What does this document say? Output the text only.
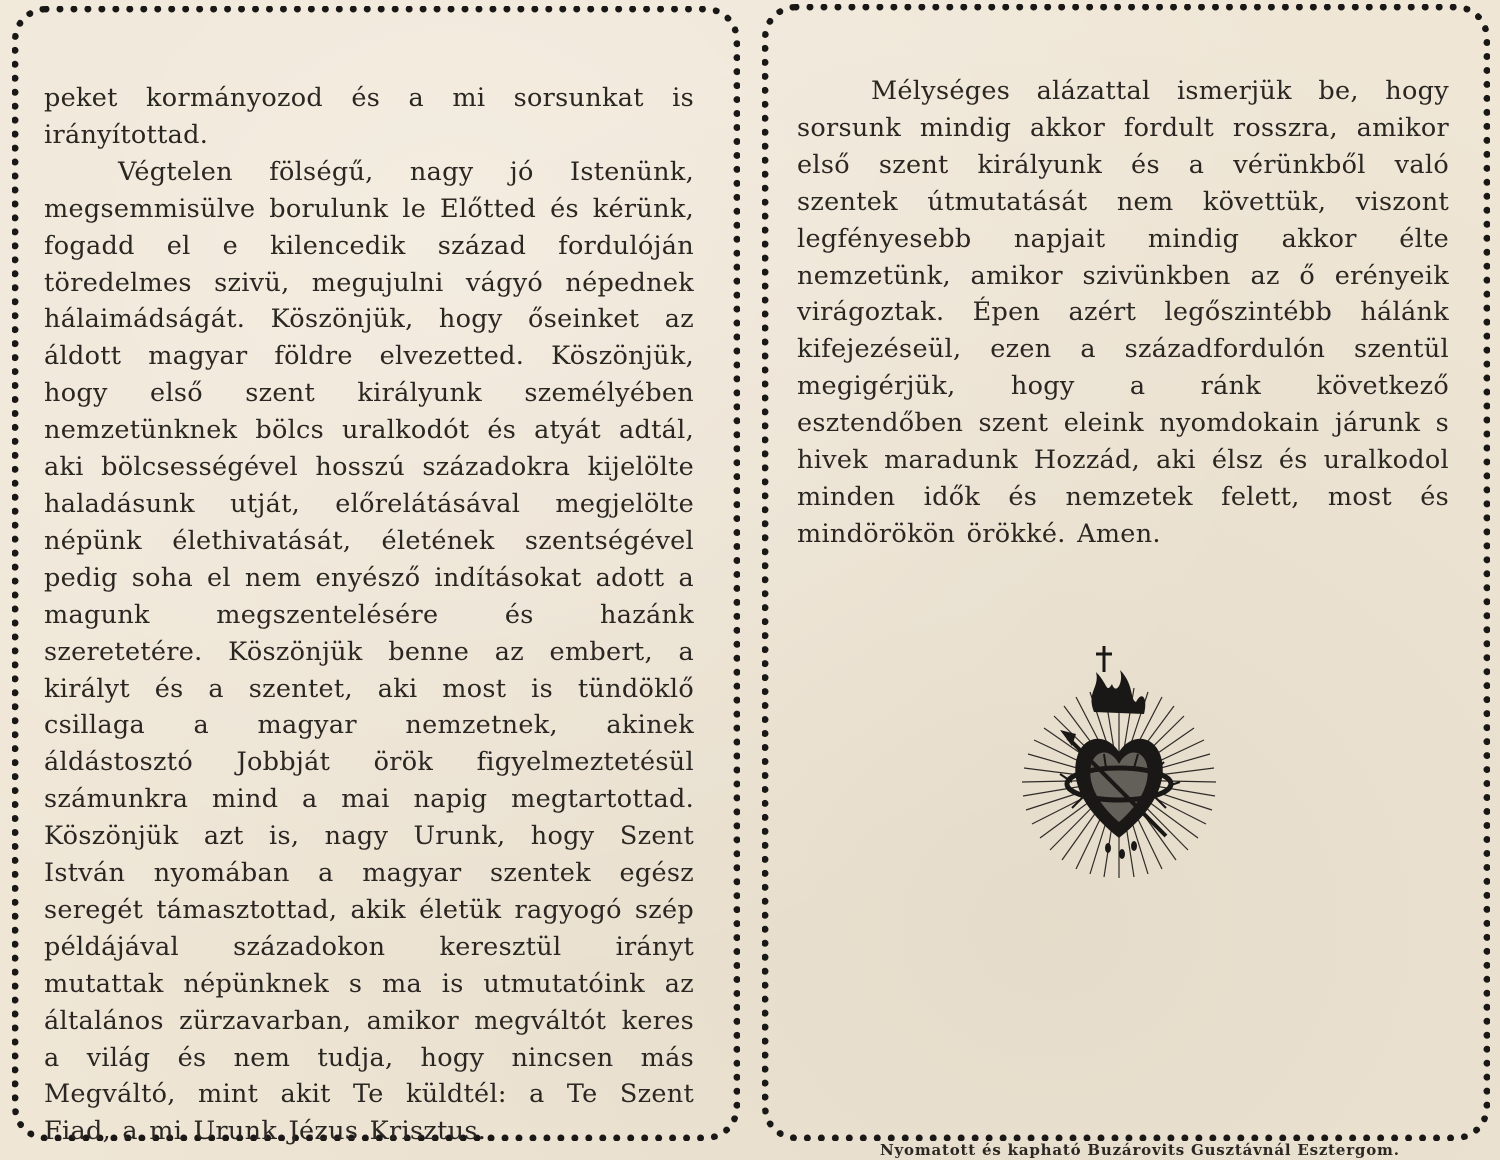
peket kormányozod és a mi sorsunkat is irányítottad.

Végtelen fölségű, nagy jó Istenünk, megsemmisülve borulunk le Előtted és kérünk, fogadd el e kilencedik század fordulóján töredelmes szivü, megujulni vágyó népednek hálaimádságát. Köszönjük, hogy őseinket az áldott magyar földre elvezetted. Köszönjük, hogy első szent királyunk személyében nemzetünknek bölcs uralkodót és atyát adtál, aki bölcsességével hosszú századokra kijelölte haladásunk utját, előrelátásával megjelölte népünk élethivatását, életének szentségével pedig soha el nem enyésző indításokat adott a magunk megszentelésére és hazánk szeretetére. Köszönjük benne az embert, a királyt és a szentet, aki most is tündöklő csillaga a magyar nemzetnek, akinek áldástosztó Jobbját örök figyelmeztetésül számunkra mind a mai napig megtartottad. Köszönjük azt is, nagy Urunk, hogy Szent István nyomában a magyar szentek egész seregét támasztottad, akik életük ragyogó szép példájával századokon keresztül irányt mutattak népünknek s ma is utmutatóink az általános zürzavarban, amikor megváltót keres a világ és nem tudja, hogy nincsen más Megváltó, mint akit Te küldtél: a Te Szent Fiad, a mi Urunk Jézus Krisztus.

Mélységes alázattal ismerjük be, hogy sorsunk mindig akkor fordult rosszra, amikor első szent királyunk és a vérünkből való szentek útmutatását nem követtük, viszont legfényesebb napjait mindig akkor élte nemzetünk, amikor szivünkben az ő erényeik virágoztak. Épen azért legőszintébb hálánk kifejezéseül, ezen a századfordulón szentül megigérjük, hogy a ránk következő esztendőben szent eleink nyomdokain járunk s hivek maradunk Hozzád, aki élsz és uralkodol minden idők és nemzetek felett, most és mindörökön örökké. Amen.

Nyomatott és kapható Buzárovits Gusztávnál Esztergom.
